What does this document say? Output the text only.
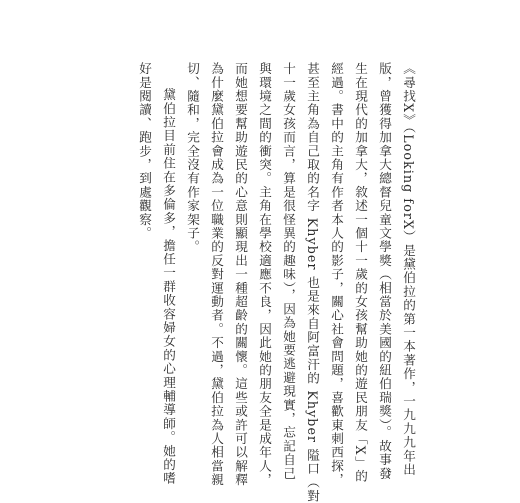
《尋找X》（Looking forX）是黛伯拉的第一本著作，一九九九年出
版，曾獲得加拿大總督兒童文學獎（相當於美國的紐伯瑞獎）。故事發
生在現代的加拿大，敘述一個十一歲的女孩幫助她的遊民朋友「X」的
經過。書中的主角有作者本人的影子，關心社會問題，喜歡東刺西探，
甚至主角為自己取的名字 Khyber 也是來自阿富汗的 Khyber 隘口（對
十一歲女孩而言，算是很怪異的趣味），因為她要逃避現實，忘記自己
與環境之間的衝突。主角在學校適應不良，因此她的朋友全是成年人，
而她想要幫助遊民的心意則顯現出一種超齡的關懷。這些或許可以解釋
為什麼黛伯拉會成為一位職業的反對運動者。不過，黛伯拉為人相當親
切、隨和，完全沒有作家架子。
黛伯拉目前住在多倫多，擔任一群收容婦女的心理輔導師。她的嗜
好是閱讀、跑步，到處觀察。
